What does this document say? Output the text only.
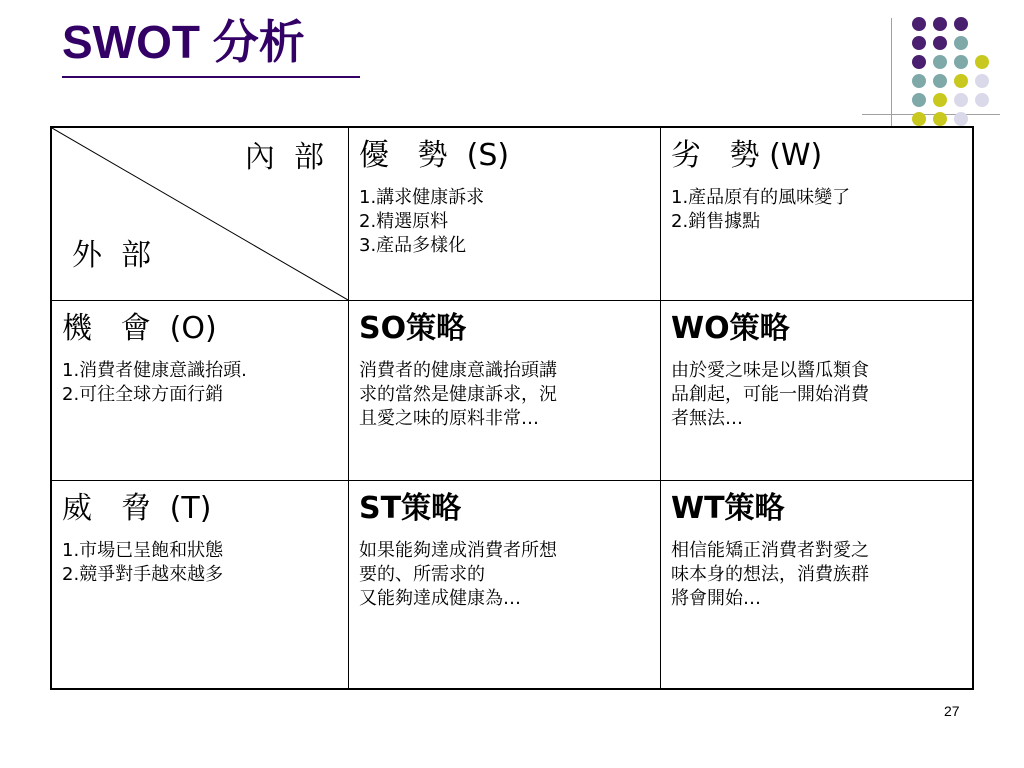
SWOT 分析
內  部
外  部
優   勢  (S)
1.講求健康訴求
2.精選原料
3.產品多樣化
劣   勢 (W)
1.產品原有的風味變了
2.銷售據點
機   會  (O)
1.消費者健康意識抬頭.
2.可往全球方面行銷
SO策略
消費者的健康意識抬頭講
求的當然是健康訴求，況
且愛之味的原料非常…
WO策略
由於愛之味是以醬瓜類食
品創起，可能一開始消費
者無法…
威   脅  (T)
1.市場已呈飽和狀態
2.競爭對手越來越多
ST策略
如果能夠達成消費者所想
要的、所需求的
又能夠達成健康為…
WT策略
相信能矯正消費者對愛之
味本身的想法，消費族群
將會開始…
27
